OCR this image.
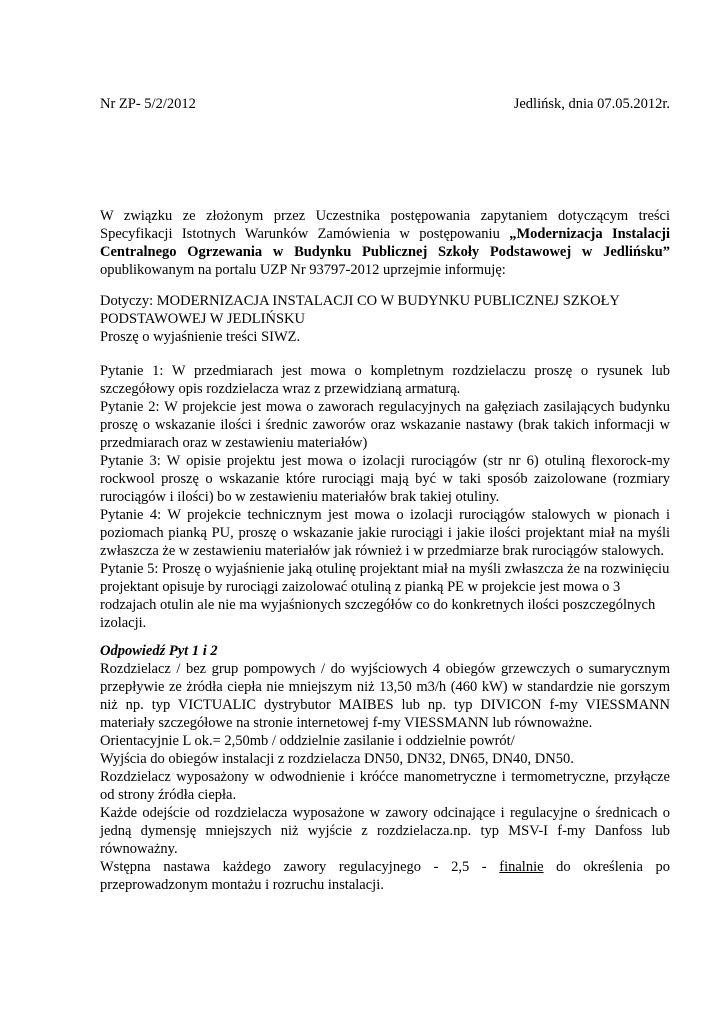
Nr ZP- 5/2/2012	Jedlińsk, dnia 07.05.2012r.

W związku ze złożonym przez Uczestnika postępowania zapytaniem dotyczącym treści Specyfikacji Istotnych Warunków Zamówienia w postępowaniu „Modernizacja Instalacji Centralnego Ogrzewania w Budynku Publicznej Szkoły Podstawowej w Jedlińsku” opublikowanym na portalu UZP Nr 93797-2012 uprzejmie informuję:

Dotyczy: MODERNIZACJA INSTALACJI CO W BUDYNKU PUBLICZNEJ SZKOŁY PODSTAWOWEJ W JEDLIŃSKU

Proszę o wyjaśnienie treści SIWZ.

Pytanie 1: W przedmiarach jest mowa o kompletnym rozdzielaczu proszę o rysunek lub szczegółowy opis rozdzielacza wraz z przewidzianą armaturą.

Pytanie 2: W projekcie jest mowa o zaworach regulacyjnych na gałęziach zasilających budynku proszę o wskazanie ilości i średnic zaworów oraz wskazanie nastawy (brak takich informacji w przedmiarach oraz w zestawieniu materiałów)

Pytanie 3: W opisie projektu jest mowa o izolacji rurociągów (str nr 6) otuliną flexorock-my rockwool proszę o wskazanie które rurociągi mają być w taki sposób zaizolowane (rozmiary rurociągów i ilości) bo w zestawieniu materiałów brak takiej otuliny.

Pytanie 4: W projekcie technicznym jest mowa o izolacji rurociągów stalowych w pionach i poziomach pianką PU, proszę o wskazanie jakie rurociągi i jakie ilości projektant miał na myśli zwłaszcza że w zestawieniu materiałów jak również i w przedmiarze brak rurociągów stalowych.

Pytanie 5: Proszę o wyjaśnienie jaką otulinę projektant miał na myśli zwłaszcza że na rozwinięciu projektant opisuje by rurociągi zaizolować otuliną z pianką PE w projekcie jest mowa o 3 rodzajach otulin ale nie ma wyjaśnionych szczegółów co do konkretnych ilości poszczególnych izolacji.

Odpowiedź Pyt 1 i 2

Rozdzielacz / bez grup pompowych / do wyjściowych 4 obiegów grzewczych o sumarycznym przepływie ze żródła ciepła nie mniejszym niż 13,50 m3/h (460 kW) w standardzie nie gorszym niż np. typ VICTUALIC dystrybutor MAIBES lub np. typ DIVICON f-my VIESSMANN materiały szczegółowe na stronie internetowej f-my VIESSMANN lub równoważne.

Orientacyjnie L ok.= 2,50mb / oddzielnie zasilanie i oddzielnie powrót/

Wyjścia do obiegów instalacji z rozdzielacza DN50, DN32, DN65, DN40, DN50.

Rozdzielacz wyposażony w odwodnienie i króćce manometryczne i termometryczne, przyłącze od strony źródła ciepła.

Każde odejście od rozdzielacza wyposażone w zawory odcinające i regulacyjne o średnicach o jedną dymensję mniejszych niż wyjście z rozdzielacza.np. typ MSV-I f-my Danfoss lub równoważny.

Wstępna nastawa każdego zawory regulacyjnego - 2,5 - finalnie do określenia po przeprowadzonym montażu i rozruchu instalacji.
